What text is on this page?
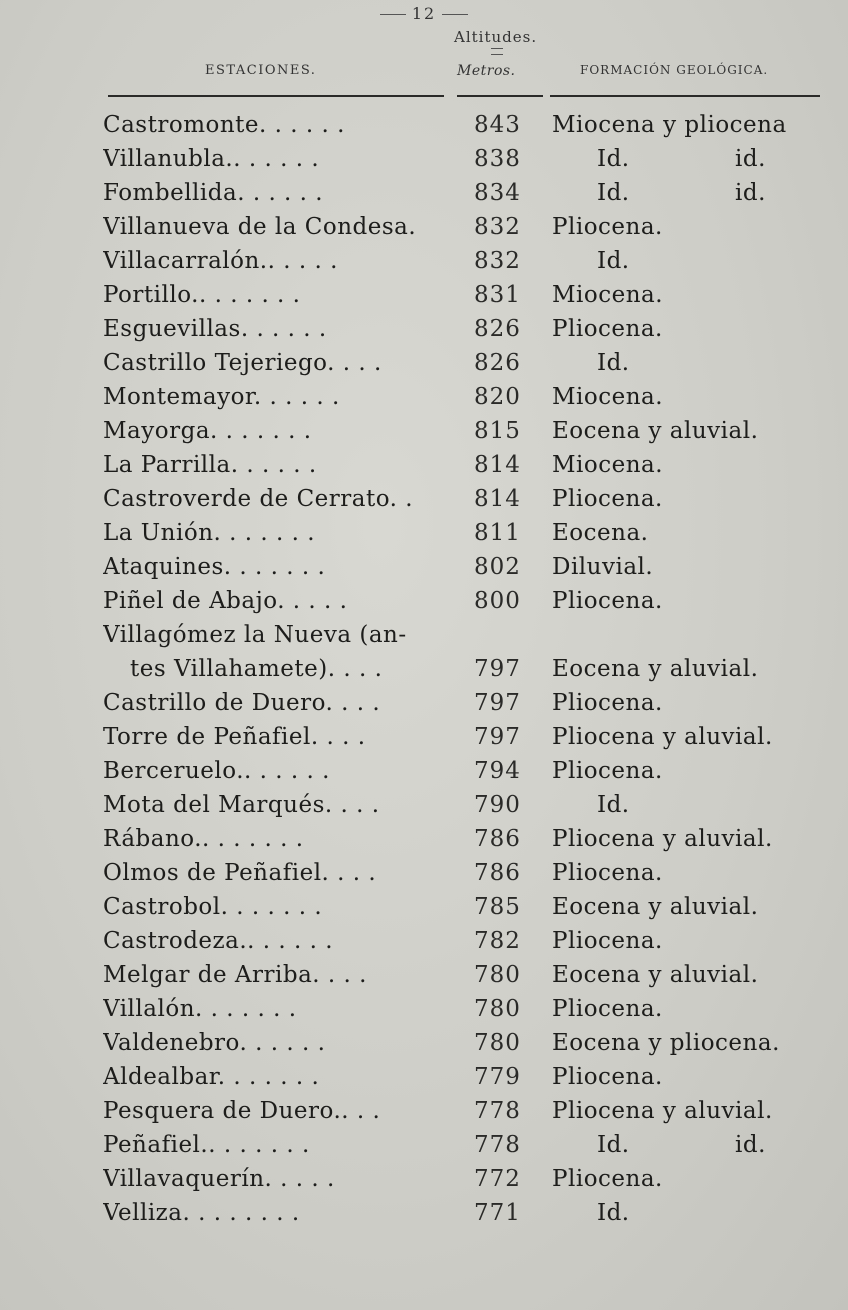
12
Altitudes.
ESTACIONES.	Metros.	FORMACIÓN GEOLÓGICA.
Castromonte. . . . . .	843	Miocena y pliocena
Villanubla.. . . . . .	838	Id.	id.
Fombellida. . . . . .	834	Id.	id.
Villanueva de la Condesa.	832	Pliocena.
Villacarralón.. . . . .	832	Id.
Portillo.. . . . . . .	831	Miocena.
Esguevillas. . . . . .	826	Pliocena.
Castrillo Tejeriego. . . .	826	Id.
Montemayor. . . . . .	820	Miocena.
Mayorga. . . . . . .	815	Eocena y aluvial.
La Parrilla. . . . . .	814	Miocena.
Castroverde de Cerrato. .	814	Pliocena.
La Unión. . . . . . .	811	Eocena.
Ataquines. . . . . . .	802	Diluvial.
Piñel de Abajo. . . . .	800	Pliocena.
Villagómez la Nueva (an-
tes Villahamete). . . .	797	Eocena y aluvial.
Castrillo de Duero. . . .	797	Pliocena.
Torre de Peñafiel. . . .	797	Pliocena y aluvial.
Berceruelo.. . . . . .	794	Pliocena.
Mota del Marqués. . . .	790	Id.
Rábano.. . . . . . .	786	Pliocena y aluvial.
Olmos de Peñafiel. . . .	786	Pliocena.
Castrobol. . . . . . .	785	Eocena y aluvial.
Castrodeza.. . . . . .	782	Pliocena.
Melgar de Arriba. . . .	780	Eocena y aluvial.
Villalón. . . . . . .	780	Pliocena.
Valdenebro. . . . . .	780	Eocena y pliocena.
Aldealbar. . . . . . .	779	Pliocena.
Pesquera de Duero.. . .	778	Pliocena y aluvial.
Peñafiel.. . . . . . .	778	Id.	id.
Villavaquerín. . . . .	772	Pliocena.
Velliza. . . . . . . .	771	Id.
